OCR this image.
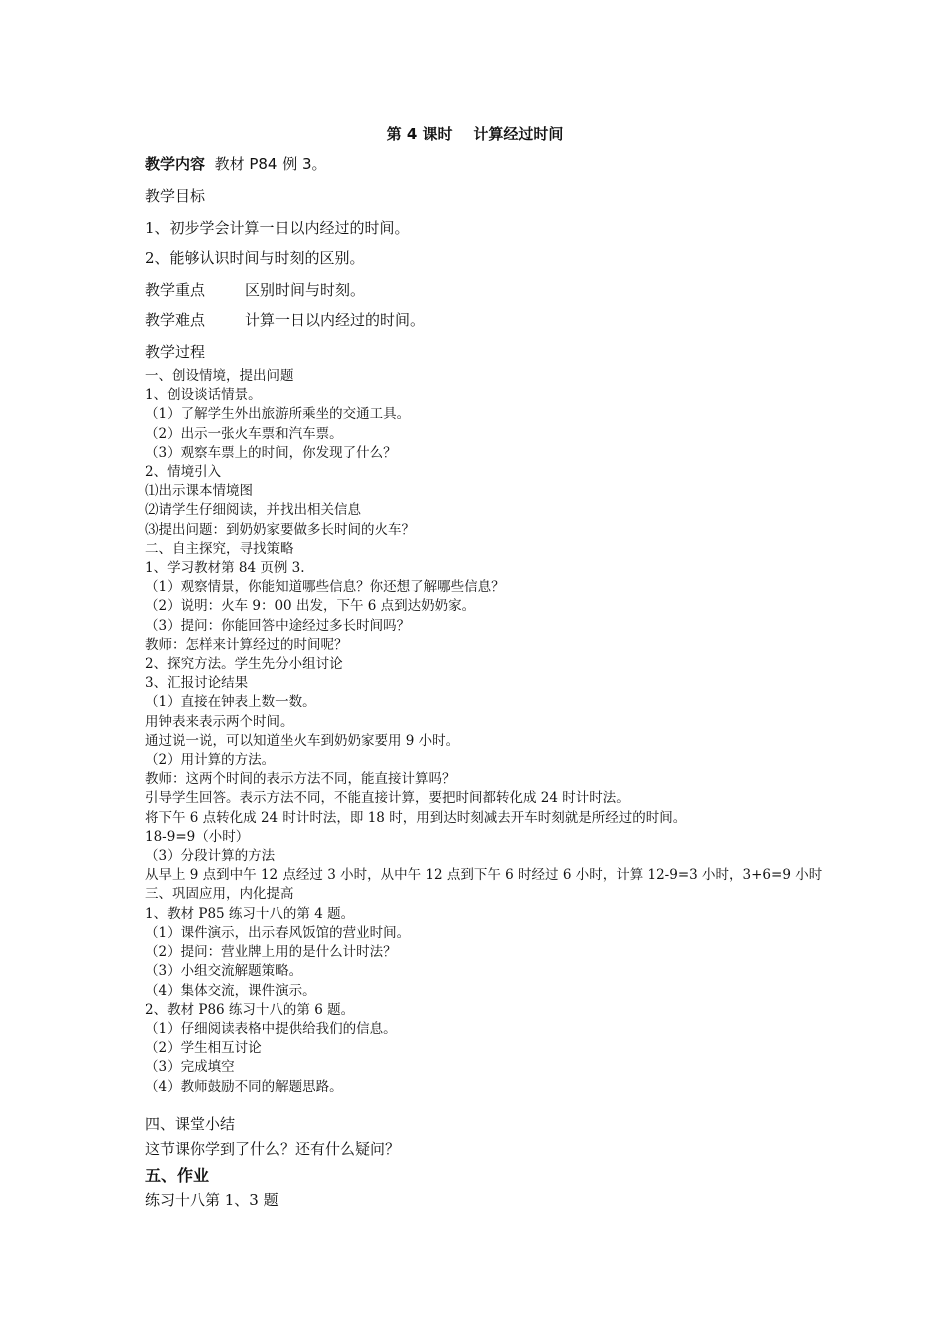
第 4 课时    计算经过时间
教学内容 教材 P84 例 3。
教学目标
1、初步学会计算一日以内经过的时间。
2、能够认识时间与时刻的区别。
教学重点	区别时间与时刻。
教学难点	计算一日以内经过的时间。
教学过程
一、创设情境，提出问题
1、创设谈话情景。
（1）了解学生外出旅游所乘坐的交通工具。
（2）出示一张火车票和汽车票。
（3）观察车票上的时间，你发现了什么？
2、情境引入
⑴出示课本情境图
⑵请学生仔细阅读，并找出相关信息
⑶提出问题：到奶奶家要做多长时间的火车？
二、自主探究，寻找策略
1、学习教材第 84 页例 3.
（1）观察情景，你能知道哪些信息？你还想了解哪些信息？
（2）说明：火车 9：00 出发，下午 6 点到达奶奶家。
（3）提问：你能回答中途经过多长时间吗？
教师：怎样来计算经过的时间呢？
2、探究方法。学生先分小组讨论
3、汇报讨论结果
（1）直接在钟表上数一数。
用钟表来表示两个时间。
通过说一说，可以知道坐火车到奶奶家要用 9 小时。
（2）用计算的方法。
教师：这两个时间的表示方法不同，能直接计算吗？
引导学生回答。表示方法不同，不能直接计算，要把时间都转化成 24 时计时法。
将下午 6 点转化成 24 时计时法，即 18 时，用到达时刻减去开车时刻就是所经过的时间。
18-9=9（小时）
（3）分段计算的方法
从早上 9 点到中午 12 点经过 3 小时，从中午 12 点到下午 6 时经过 6 小时，计算 12-9=3 小时，3+6=9 小时
三、巩固应用，内化提高
1、教材 P85 练习十八的第 4 题。
（1）课件演示，出示春风饭馆的营业时间。
（2）提问：营业牌上用的是什么计时法？
（3）小组交流解题策略。
（4）集体交流，课件演示。
2、教材 P86 练习十八的第 6 题。
（1）仔细阅读表格中提供给我们的信息。
（2）学生相互讨论
（3）完成填空
（4）教师鼓励不同的解题思路。
四、课堂小结
这节课你学到了什么？还有什么疑问？
五、作业
练习十八第 1、3 题
